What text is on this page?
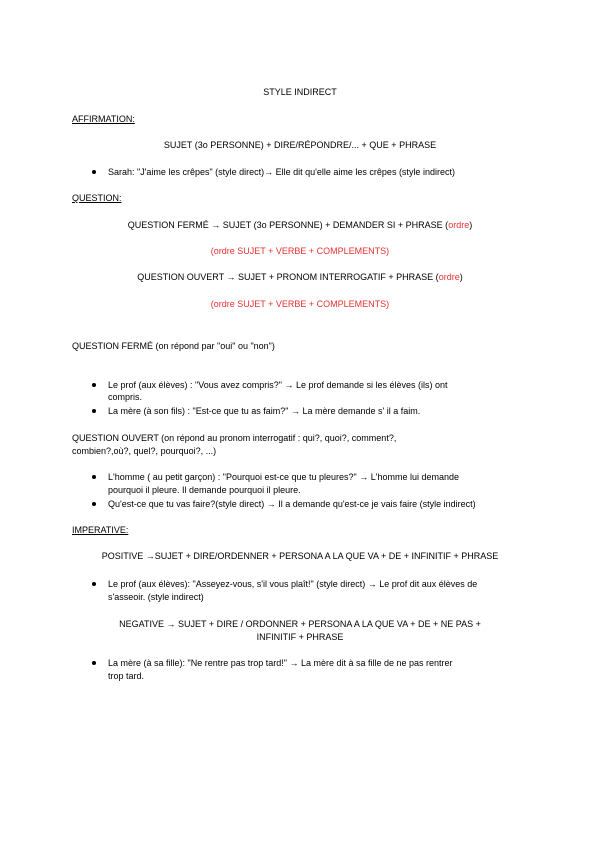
STYLE INDIRECT
AFFIRMATION:
SUJET (3o PERSONNE) + DIRE/RÉPONDRE/... + QUE + PHRASE
Sarah: "J'aime les crêpes" (style direct)→ Elle dit qu'elle aime les crêpes (style indirect)
QUESTION:
QUESTION FERMÉ → SUJET (3o PERSONNE) + DEMANDER SI + PHRASE (ordre)
(ordre SUJET + VERBE + COMPLEMENTS)
QUESTION OUVERT → SUJET + PRONOM INTERROGATIF + PHRASE (ordre)
(ordre SUJET + VERBE + COMPLEMENTS)
QUESTION FERMÉ (on répond par "oui" ou "non")
Le prof (aux élèves) : "Vous avez compris?" → Le prof demande si les élèves (ils) ont
compris.
La mère (à son fils) : "Est-ce que tu as faim?" → La mère demande s' il a faim.
QUESTION OUVERT (on répond au pronom interrogatif : qui?, quoi?, comment?,
combien?,où?, quel?, pourquoi?, ...)
L'homme ( au petit garçon) : "Pourquoi est-ce que tu pleures?" → L'homme lui demande
pourquoi il pleure. Il demande pourquoi il pleure.
Qu'est-ce que tu vas faire?(style direct) → Il a demande qu'est-ce je vais faire (style indirect)
IMPERATIVE:
POSITIVE →SUJET + DIRE/ORDENNER + PERSONA A LA QUE VA + DE + INFINITIF + PHRASE
Le prof (aux élèves): "Asseyez-vous, s'il vous plaît!" (style direct) → Le prof dit aux élèves de
s'asseoir. (style indirect)
NEGATIVE → SUJET + DIRE / ORDONNER + PERSONA A LA QUE VA + DE + NE PAS +
INFINITIF + PHRASE
La mère (à sa fille): "Ne rentre pas trop tard!" → La mère dit à sa fille de ne pas rentrer
trop tard.
